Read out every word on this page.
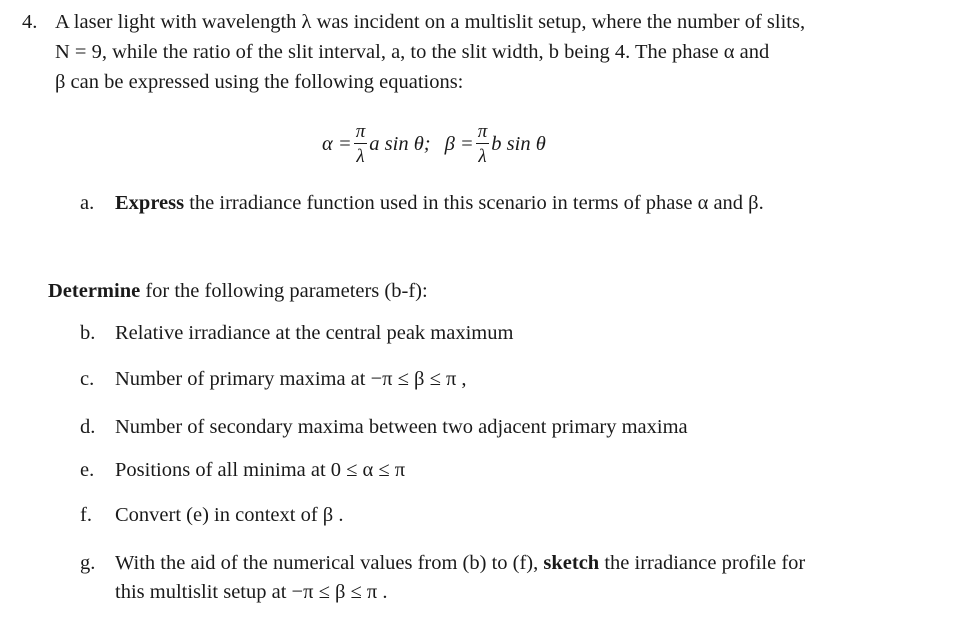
4. A laser light with wavelength λ was incident on a multislit setup, where the number of slits,
N = 9, while the ratio of the slit interval, a, to the slit width, b being 4. The phase α and
β can be expressed using the following equations:
$\alpha = \frac{\pi}{\lambda}$ a sin θ; $\beta = \frac{\pi}{\lambda}$ b sin θ
a. Express the irradiance function used in this scenario in terms of phase α and β.
Determine for the following parameters (b-f):
b. Relative irradiance at the central peak maximum
c. Number of primary maxima at −π ≤ β ≤ π ,
d. Number of secondary maxima between two adjacent primary maxima
e. Positions of all minima at 0 ≤ α ≤ π
f. Convert (e) in context of β .
g. With the aid of the numerical values from (b) to (f), sketch the irradiance profile for
this multislit setup at −π ≤ β ≤ π .
